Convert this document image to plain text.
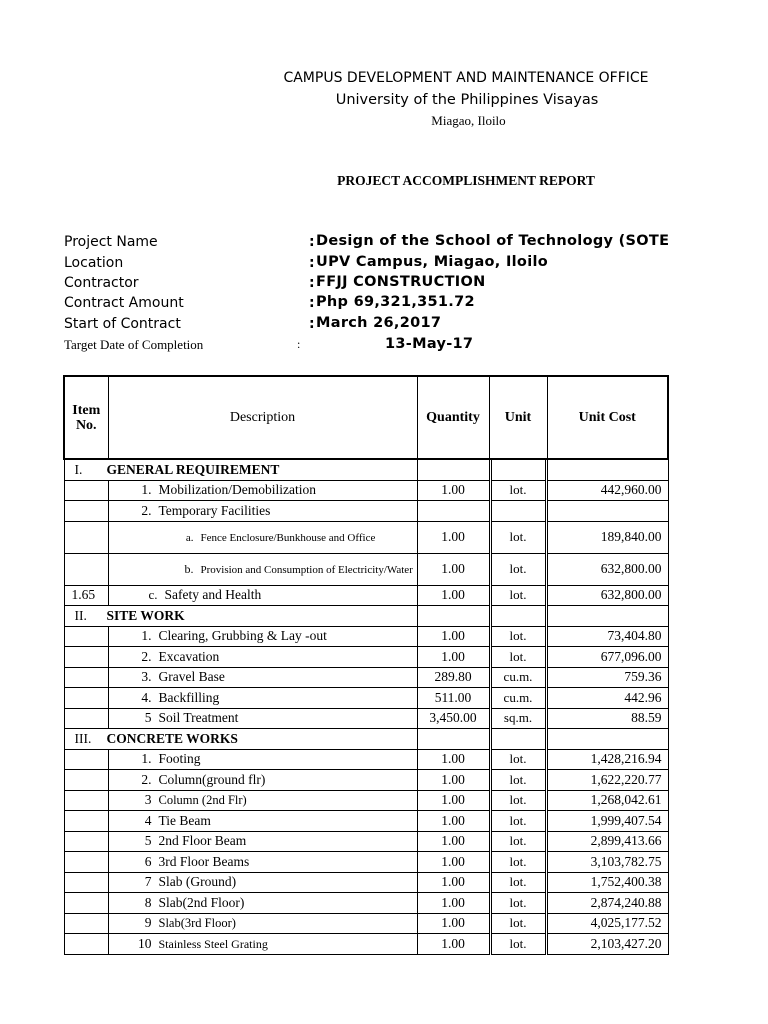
CAMPUS DEVELOPMENT AND MAINTENANCE OFFICE
University of the Philippines Visayas
Miagao, Iloilo
PROJECT ACCOMPLISHMENT REPORT
Project Name	: Design of the School of Technology (SOTE
Location	: UPV Campus, Miagao, Iloilo
Contractor	: FFJJ CONSTRUCTION
Contract Amount	: Php 69,321,351.72
Start of Contract	: March 26,2017
Target Date of Completion	:	13-May-17
Item No.	Description	Quantity	Unit			Unit Cost
I. GENERAL REQUIREMENT						
	1. Mobilization/Demobilization	1.00		lot.		442,960.00
	2. Temporary Facilities					
	a. Fence Enclosure/Bunkhouse and Office	1.00		lot.		189,840.00
	b. Provision and Consumption of Electricity/Water	1.00		lot.		632,800.00
1.65	c. Safety and Health	1.00		lot.		632,800.00
II. SITE WORK						
	1. Clearing, Grubbing & Lay -out	1.00		lot.		73,404.80
	2. Excavation	1.00		lot.		677,096.00
	3. Gravel Base	289.80		cu.m.		759.36
	4. Backfilling	511.00		cu.m.		442.96
	5 Soil Treatment	3,450.00		sq.m.		88.59
III. CONCRETE WORKS						
	1. Footing	1.00		lot.		1,428,216.94
	2. Column(ground flr)	1.00		lot.		1,622,220.77
	3 Column (2nd Flr)	1.00		lot.		1,268,042.61
	4 Tie Beam	1.00		lot.		1,999,407.54
	5 2nd Floor Beam	1.00		lot.		2,899,413.66
	6 3rd Floor Beams	1.00		lot.		3,103,782.75
	7 Slab (Ground)	1.00		lot.		1,752,400.38
	8 Slab(2nd Floor)	1.00		lot.		2,874,240.88
	9 Slab(3rd Floor)	1.00		lot.		4,025,177.52
	10 Stainless Steel Grating	1.00		lot.		2,103,427.20
